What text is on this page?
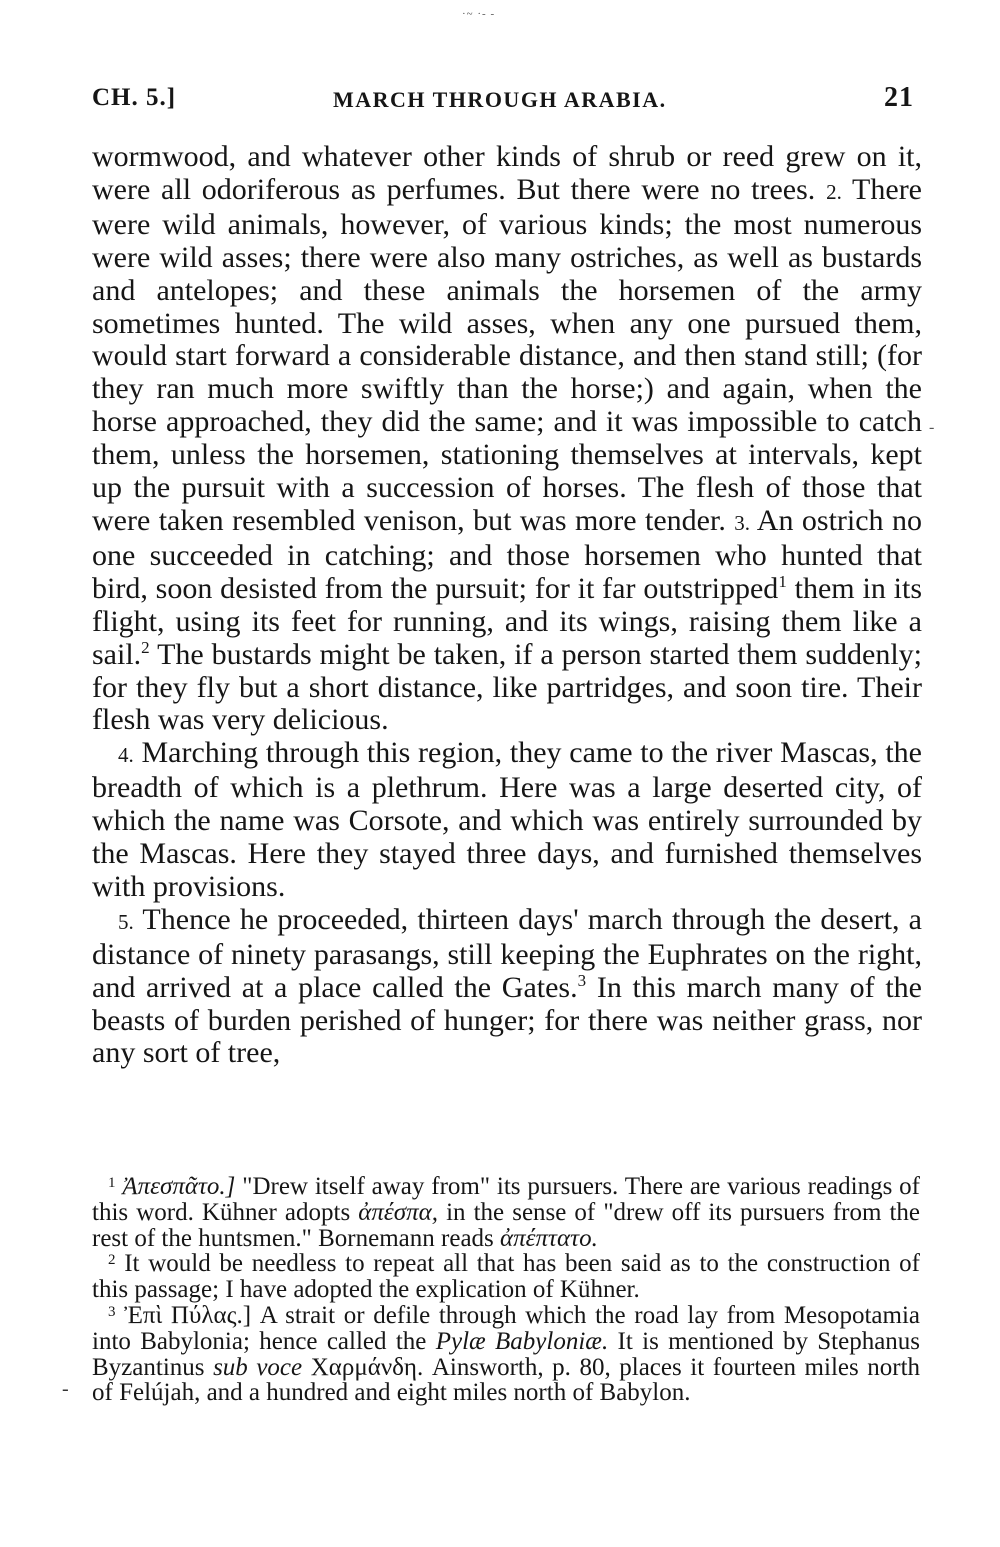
·~ ·- -
CH. 5.]	MARCH THROUGH ARABIA.	21
-
-

wormwood, and whatever other kinds of shrub or reed grew on it, were all odoriferous as perfumes. But there were no trees. 2. There were wild animals, however, of various kinds; the most numerous were wild asses; there were also many ostriches, as well as bustards and antelopes; and these animals the horsemen of the army sometimes hunted. The wild asses, when any one pursued them, would start forward a considerable distance, and then stand still; (for they ran much more swiftly than the horse;) and again, when the horse approached, they did the same; and it was impossible to catch them, unless the horsemen, stationing themselves at intervals, kept up the pursuit with a succession of horses. The flesh of those that were taken resembled venison, but was more tender. 3. An ostrich no one succeeded in catching; and those horsemen who hunted that bird, soon desisted from the pursuit; for it far outstripped$^1$ them in its flight, using its feet for running, and its wings, raising them like a sail.$^2$ The bustards might be taken, if a person started them suddenly; for they fly but a short distance, like partridges, and soon tire. Their flesh was very delicious.

4. Marching through this region, they came to the river Mascas, the breadth of which is a plethrum. Here was a large deserted city, of which the name was Corsote, and which was entirely surrounded by the Mascas. Here they stayed three days, and furnished themselves with provisions.

5. Thence he proceeded, thirteen days' march through the desert, a distance of ninety parasangs, still keeping the Euphrates on the right, and arrived at a place called the Gates.$^3$ In this march many of the beasts of burden perished of hunger; for there was neither grass, nor any sort of tree,

$^1$ Ἀπεσπᾶτο.] "Drew itself away from" its pursuers. There are various readings of this word. Kühner adopts ἀπέσπα, in the sense of "drew off its pursuers from the rest of the huntsmen." Bornemann reads ἀπέπτατο.

$^2$ It would be needless to repeat all that has been said as to the construction of this passage; I have adopted the explication of Kühner.

$^3$ Ἐπὶ Πύλας.] A strait or defile through which the road lay from Mesopotamia into Babylonia; hence called the Pylæ Babyloniæ. It is mentioned by Stephanus Byzantinus sub voce Χαρμάνδη. Ainsworth, p. 80, places it fourteen miles north of Felújah, and a hundred and eight miles north of Babylon.
